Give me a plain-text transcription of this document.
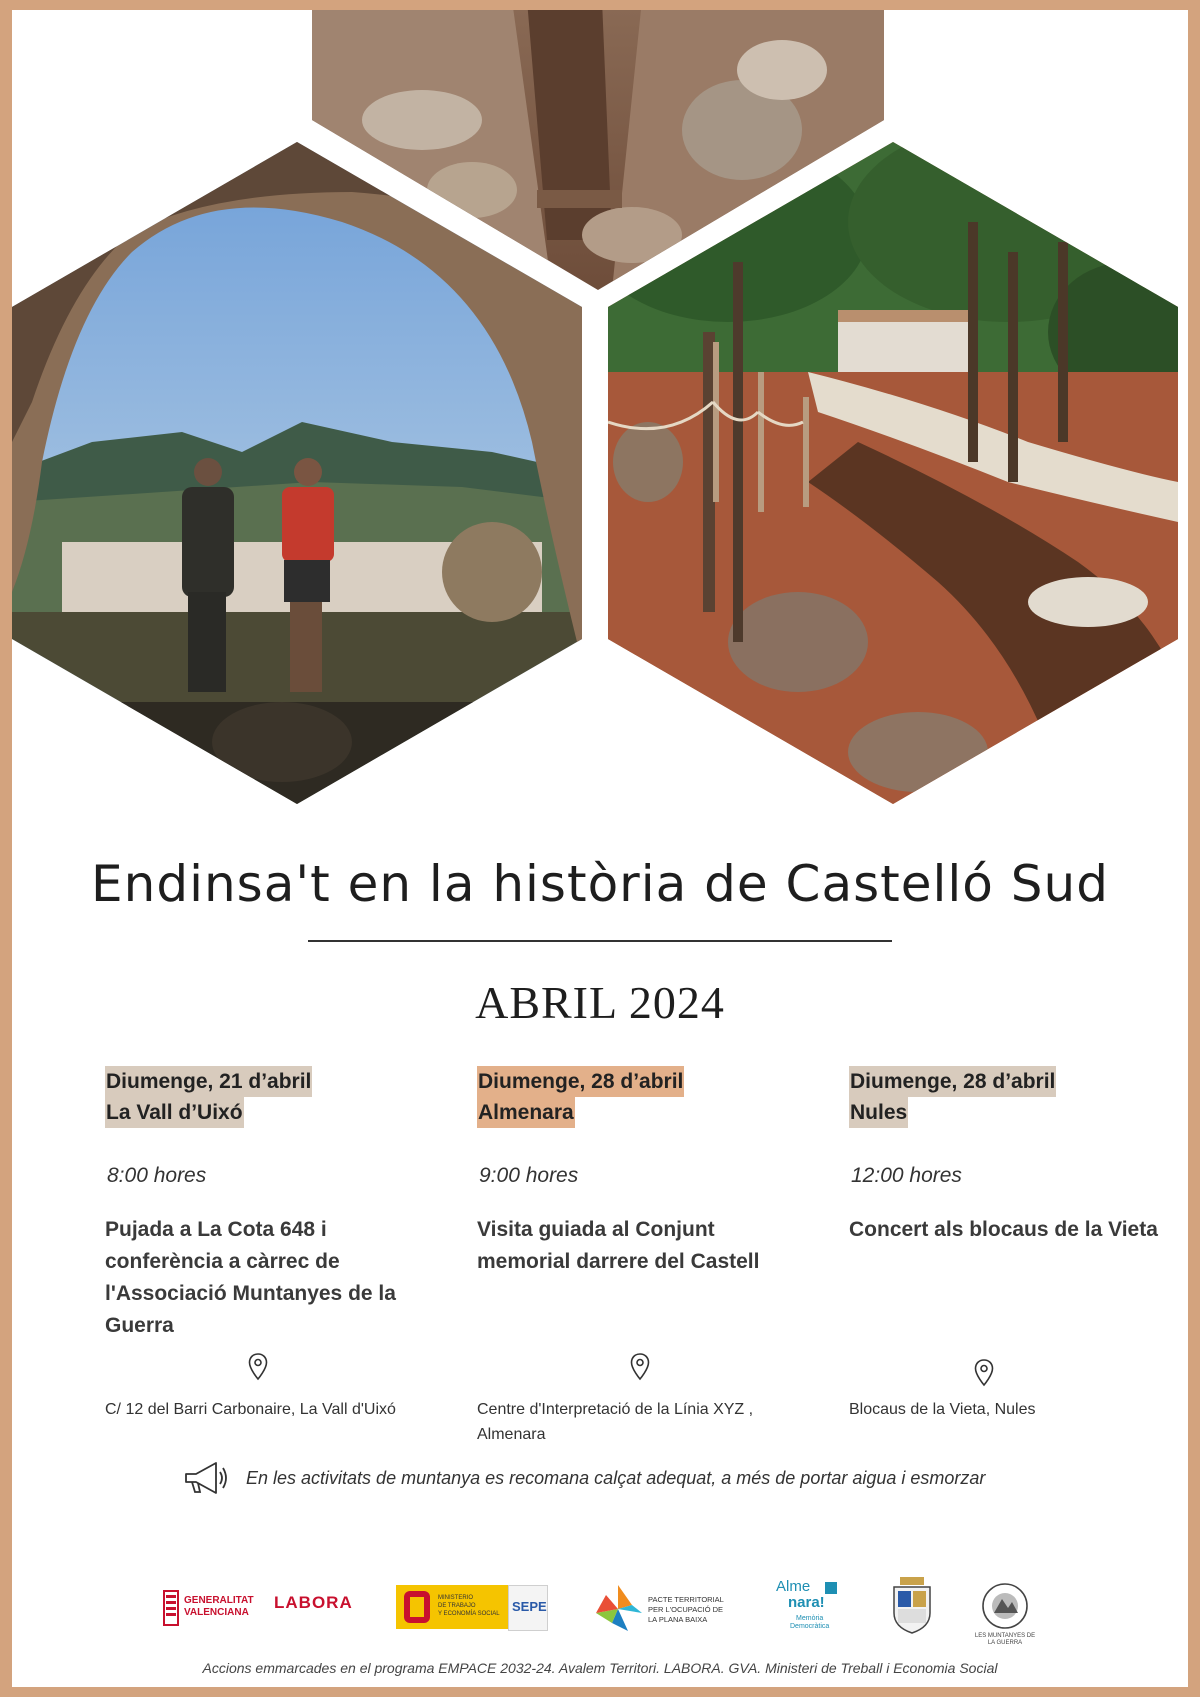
Endinsa't en la història de Castelló Sud
ABRIL 2024
Diumenge, 21 d’abril
La Vall d’Uixó
8:00 hores
Pujada a La Cota 648 i conferència a càrrec de l'Associació Muntanyes de la Guerra
Diumenge, 28 d’abril
Almenara
9:00 hores
Visita guiada al Conjunt memorial darrere del Castell
Diumenge, 28 d’abril
Nules
12:00 hores
Concert als blocaus de la Vieta
C/ 12 del Barri Carbonaire, La Vall d'Uixó	Centre d'Interpretació de la Línia XYZ , Almenara
Blocaus de la Vieta, Nules
En les activitats de muntanya es recomana calçat adequat, a més de portar aigua i esmorzar
GENERALITAT
VALENCIANA
LABORA	MINISTERIO
DE TRABAJO
Y ECONOMÍA SOCIAL SEPE	PACTE TERRITORIAL
PER L'OCUPACIÓ DE
LA PLANA BAIXA
Alme
nara!
Memòria
Democràtica
LES MUNTANYES DE LA GUERRA
Accions emmarcades en el programa EMPACE 2032-24. Avalem Territori. LABORA. GVA. Ministeri de Treball i Economia Social
